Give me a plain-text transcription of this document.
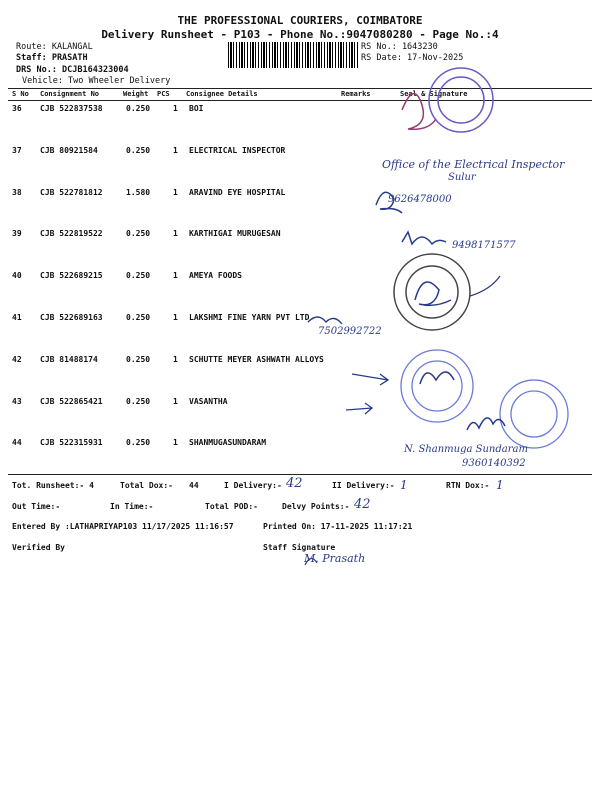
THE PROFESSIONAL COURIERS, COIMBATORE
Delivery Runsheet - P103 - Phone No.:9047080280 - Page No.:4
Route: KALANGAL
Staff: PRASATH
DRS No.: DCJB164323004
Vehicle: Two Wheeler Delivery
RS No.: 1643230
RS Date: 17-Nov-2025
S No Consignment No	Weight PCS Consignee Details	Remarks	Seal & Signature
36 CJB 522837538	0.250	1 BOI
37 CJB 80921584	0.250	1 ELECTRICAL INSPECTOR
38 CJB 522781812	1.580	1 ARAVIND EYE HOSPITAL
39 CJB 522819522	0.250	1 KARTHIGAI MURUGESAN
40 CJB 522689215	0.250	1 AMEYA FOODS
41 CJB 522689163	0.250	1 LAKSHMI FINE YARN PVT LTD
42 CJB 81488174	0.250	1 SCHUTTE MEYER ASHWATH ALLOYS
43 CJB 522865421	0.250	1 VASANTHA
44 CJB 522315931	0.250	1 SHANMUGASUNDARAM
Office of the Electrical Inspector
Sulur
9626478000
9498171577
7502992722
N. Shanmuga Sundaram
9360140392
Tot. Runsheet:- 4	Total Dox:- 44	I Delivery:- 42	II Delivery:- 1	RTN Dox:- 1
Out Time:-	In Time:-	Total POD:-	Delvy Points:- 42
Entered By :LATHAPRIYAP103 11/17/2025 11:16:57	Printed On: 17-11-2025 11:17:21
Verified By	Staff Signature
M. Prasath
